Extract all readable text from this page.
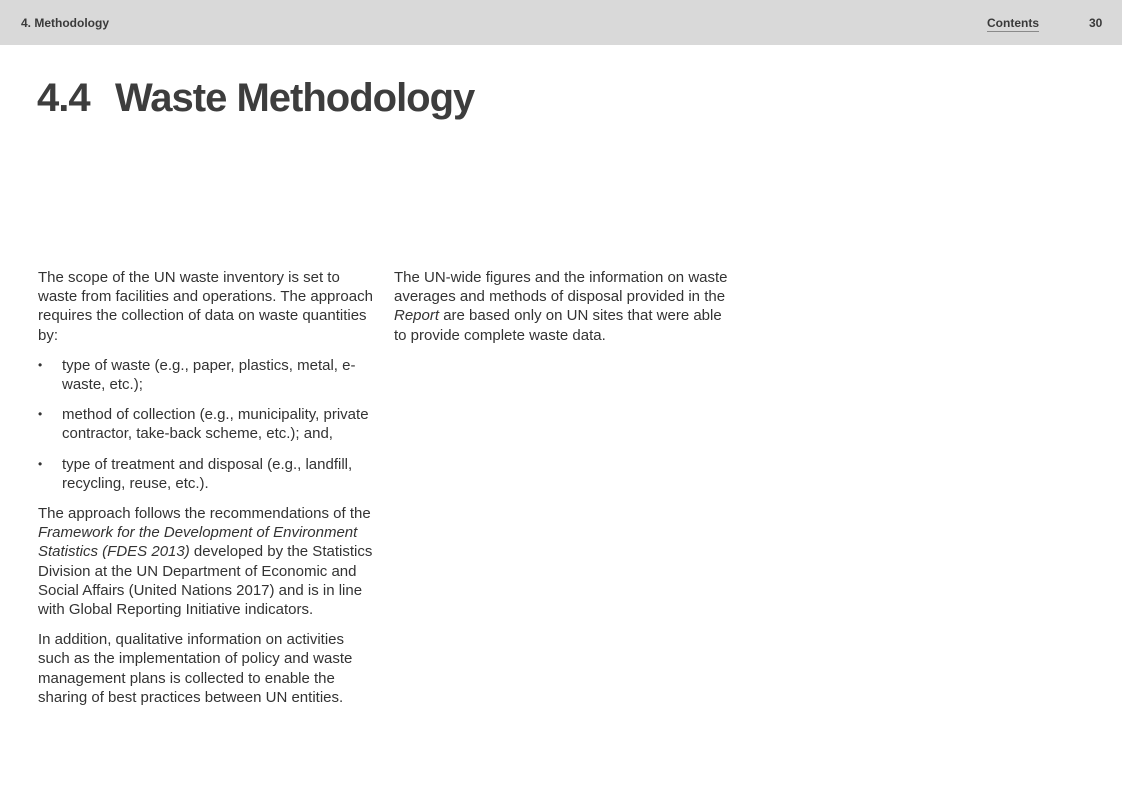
4. Methodology	Contents	30
4.4 Waste Methodology

The scope of the UN waste inventory is set to waste from facilities and operations. The approach requires the collection of data on waste quantities by:

• type of waste (e.g., paper, plastics, metal, e-waste, etc.);
• method of collection (e.g., municipality, private contractor, take-back scheme, etc.); and,
• type of treatment and disposal (e.g., landfill, recycling, reuse, etc.).

The approach follows the recommendations of the Framework for the Development of Environment Statistics (FDES 2013) developed by the Statistics Division at the UN Department of Economic and Social Affairs (United Nations 2017) and is in line with Global Reporting Initiative indicators.

In addition, qualitative information on activities such as the implementation of policy and waste management plans is collected to enable the sharing of best practices between UN entities.

The UN-wide figures and the information on waste averages and methods of disposal provided in the Report are based only on UN sites that were able to provide complete waste data.
